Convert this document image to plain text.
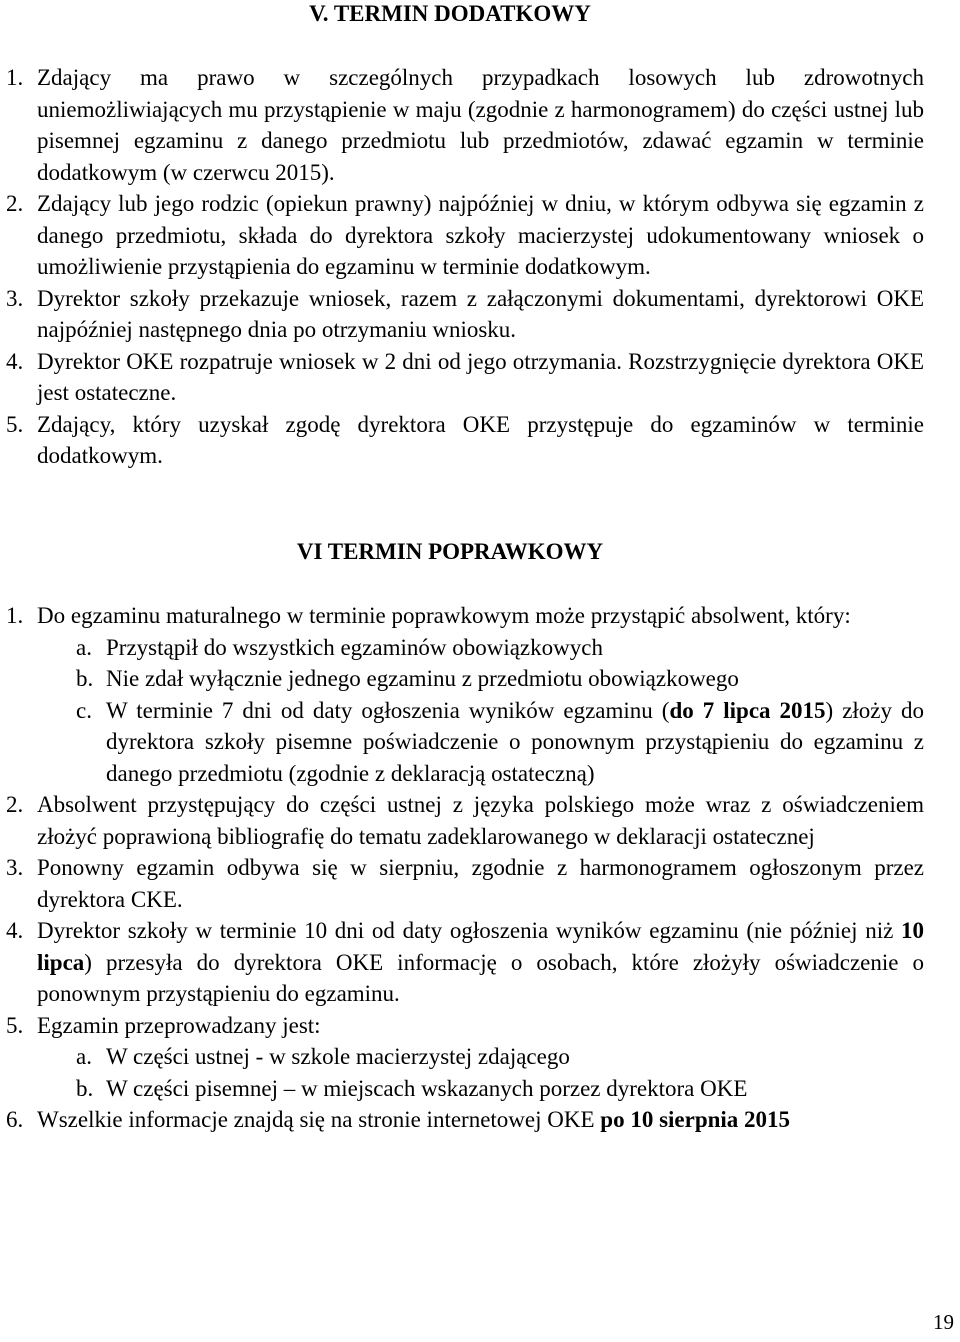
V. TERMIN DODATKOWY
1. Zdający ma prawo w szczególnych przypadkach losowych lub zdrowotnych uniemożliwiających mu przystąpienie w maju (zgodnie z harmonogramem) do części ustnej lub pisemnej egzaminu z danego przedmiotu lub przedmiotów, zdawać egzamin w terminie dodatkowym (w czerwcu 2015).
2. Zdający lub jego rodzic (opiekun prawny) najpóźniej w dniu, w którym odbywa się egzamin z danego przedmiotu, składa do dyrektora szkoły macierzystej udokumentowany wniosek o umożliwienie przystąpienia do egzaminu w terminie dodatkowym.
3. Dyrektor szkoły przekazuje wniosek, razem z załączonymi dokumentami, dyrektorowi OKE najpóźniej następnego dnia po otrzymaniu wniosku.
4. Dyrektor OKE rozpatruje wniosek w 2 dni od jego otrzymania. Rozstrzygnięcie dyrektora OKE jest ostateczne.
5. Zdający, który uzyskał zgodę dyrektora OKE przystępuje do egzaminów w terminie dodatkowym.
VI TERMIN POPRAWKOWY
1. Do egzaminu maturalnego w terminie poprawkowym może przystąpić absolwent, który:
a. Przystąpił do wszystkich egzaminów obowiązkowych
b. Nie zdał wyłącznie jednego egzaminu z przedmiotu obowiązkowego
c. W terminie 7 dni od daty ogłoszenia wyników egzaminu (do 7 lipca 2015) złoży do dyrektora szkoły pisemne poświadczenie o ponownym przystąpieniu do egzaminu z danego przedmiotu (zgodnie z deklaracją ostateczną)
2. Absolwent przystępujący do części ustnej z języka polskiego może wraz z oświadczeniem złożyć poprawioną bibliografię do tematu zadeklarowanego w deklaracji ostatecznej
3. Ponowny egzamin odbywa się w sierpniu, zgodnie z harmonogramem ogłoszonym przez dyrektora CKE.
4. Dyrektor szkoły w terminie 10 dni od daty ogłoszenia wyników egzaminu (nie później niż 10 lipca) przesyła do dyrektora OKE informację o osobach, które złożyły oświadczenie o ponownym przystąpieniu do egzaminu.
5. Egzamin przeprowadzany jest:
a. W części ustnej - w szkole macierzystej zdającego
b. W części pisemnej – w miejscach wskazanych porzez dyrektora OKE
6. Wszelkie informacje znajdą się na stronie internetowej OKE po 10 sierpnia 2015
19
